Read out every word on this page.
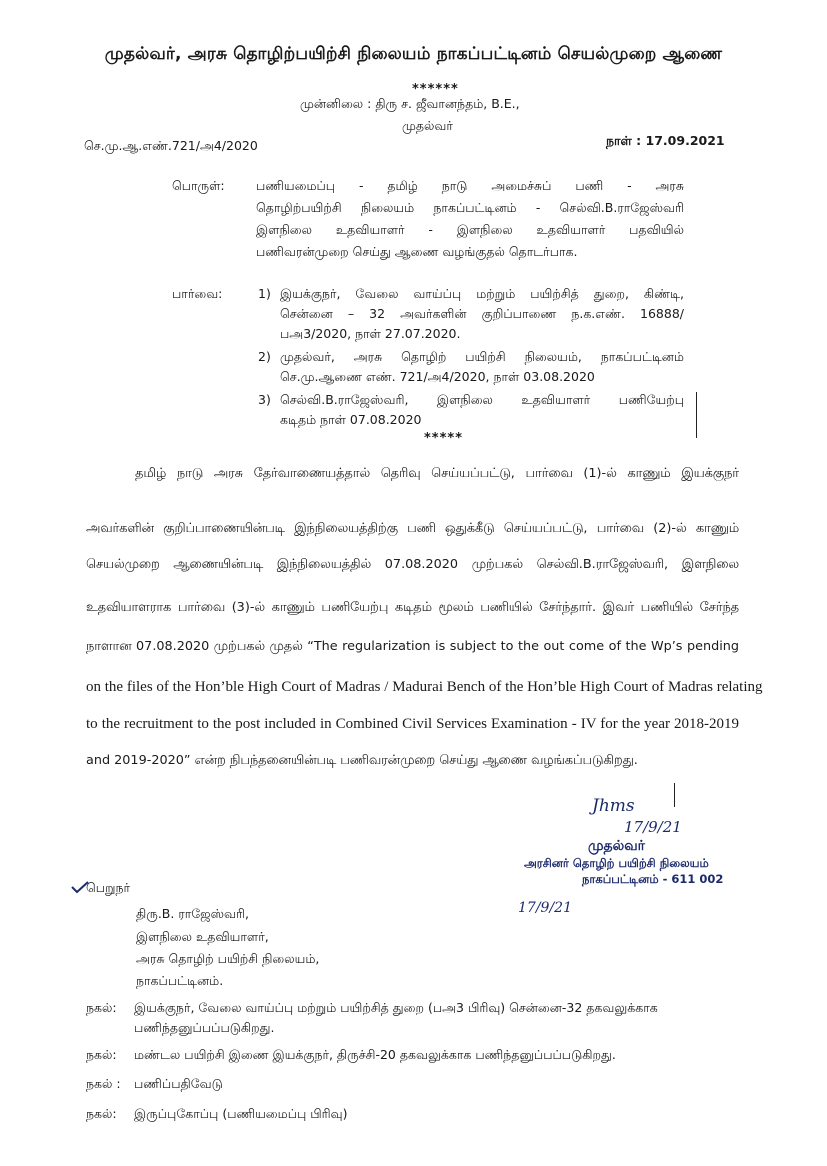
முதல்வர், அரசு தொழிற்பயிற்சி நிலையம் நாகப்பட்டினம் செயல்முறை ஆணை
******
முன்னிலை : திரு ச. ஜீவானந்தம், B.E.,
முதல்வர்
செ.மு.ஆ.எண்.721/அ4/2020	நாள் : 17.09.2021
பொருள்:	பணியமைப்பு - தமிழ் நாடு அமைச்சுப் பணி - அரசு
தொழிற்பயிற்சி நிலையம் நாகப்பட்டினம் - செல்வி.B.ராஜேஸ்வரி
இளநிலை உதவியாளர் - இளநிலை உதவியாளர் பதவியில்
பணிவரன்முறை செய்து ஆணை வழங்குதல் தொடர்பாக.
பார்வை:	1) இயக்குநர், வேலை வாய்ப்பு மற்றும் பயிற்சித் துறை, கிண்டி,
சென்னை – 32 அவர்களின் குறிப்பாணை ந.க.எண். 16888/
பஅ3/2020, நாள் 27.07.2020.
2) முதல்வர், அரசு தொழிற் பயிற்சி நிலையம், நாகப்பட்டினம்
செ.மு.ஆணை எண். 721/அ4/2020, நாள் 03.08.2020
3) செல்வி.B.ராஜேஸ்வரி, இளநிலை உதவியாளர் பணியேற்பு
கடிதம் நாள் 07.08.2020
*****
தமிழ் நாடு அரசு தேர்வாணையத்தால் தெரிவு செய்யப்பட்டு, பார்வை (1)-ல் காணும் இயக்குநர்
அவர்களின் குறிப்பாணையின்படி இந்நிலையத்திற்கு பணி ஒதுக்கீடு செய்யப்பட்டு, பார்வை (2)-ல் காணும்
செயல்முறை ஆணையின்படி இந்நிலையத்தில் 07.08.2020 முற்பகல் செல்வி.B.ராஜேஸ்வரி, இளநிலை
உதவியாளராக பார்வை (3)-ல் காணும் பணியேற்பு கடிதம் மூலம் பணியில் சேர்ந்தார். இவர் பணியில் சேர்ந்த
நாளான 07.08.2020 முற்பகல் முதல் “The regularization is subject to the out come of the Wp’s pending
on the files of the Hon’ble High Court of Madras / Madurai Bench of the Hon’ble High Court of Madras relating
to the recruitment to the post included in Combined Civil Services Examination - IV for the year 2018-2019
and 2019-2020” என்ற நிபந்தனையின்படி பணிவரன்முறை செய்து ஆணை வழங்கப்படுகிறது.
Jhms
17/9/21
முதல்வர்
அரசினர் தொழிற் பயிற்சி நிலையம்
நாகப்பட்டினம் - 611 002
பெறுநர்
17/9/21
திரு.B. ராஜேஸ்வரி,
இளநிலை உதவியாளர்,
அரசு தொழிற் பயிற்சி நிலையம்,
நாகப்பட்டினம்.
நகல்: இயக்குநர், வேலை வாய்ப்பு மற்றும் பயிற்சித் துறை (பஅ3 பிரிவு) சென்னை-32 தகவலுக்காக
பணிந்தனுப்பப்படுகிறது.
நகல்: மண்டல பயிற்சி இணை இயக்குநர், திருச்சி-20 தகவலுக்காக பணிந்தனுப்பப்படுகிறது.
நகல் : பணிப்பதிவேடு
நகல்: இருப்புகோப்பு (பணியமைப்பு பிரிவு)
